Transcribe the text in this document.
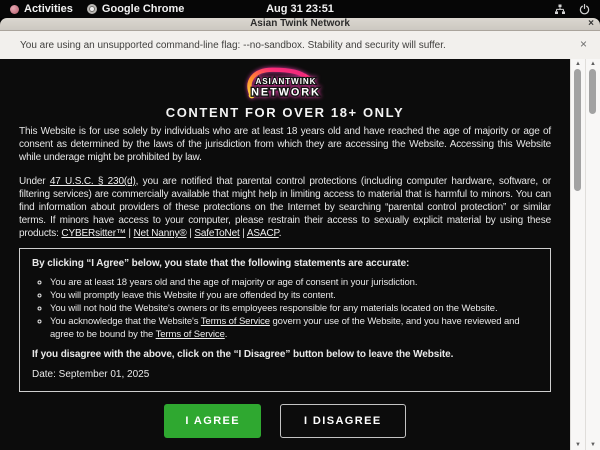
Activities	Google Chrome	Aug 31 23:51
Asian Twink Network	×
You are using an unsupported command-line flag: --no-sandbox. Stability and security will suffer.	×
ASIANTWINK
NETWORK
CONTENT FOR OVER 18+ ONLY

This Website is for use solely by individuals who are at least 18 years old and have reached the age of majority or age of consent as determined by the laws of the jurisdiction from which they are accessing the Website. Accessing this Website while underage might be prohibited by law.

Under 47 U.S.C. § 230(d), you are notified that parental control protections (including computer hardware, software, or filtering services) are commercially available that might help in limiting access to material that is harmful to minors. You can find information about providers of these protections on the Internet by searching “parental control protection” or similar terms. If minors have access to your computer, please restrain their access to sexually explicit material by using these products: CYBERsitter™ | Net Nanny® | SafeToNet | ASACP.

By clicking “I Agree” below, you state that the following statements are accurate:

◦ You are at least 18 years old and the age of majority or age of consent in your jurisdiction.
◦ You will promptly leave this Website if you are offended by its content.
◦ You will not hold the Website's owners or its employees responsible for any materials located on the Website.
◦ You acknowledge that the Website's Terms of Service govern your use of the Website, and you have reviewed and agree to be bound by the Terms of Service.

If you disagree with the above, click on the “I Disagree” button below to leave the Website.

Date: September 01, 2025

I AGREE	I DISAGREE
▲
▼
▲
▼
